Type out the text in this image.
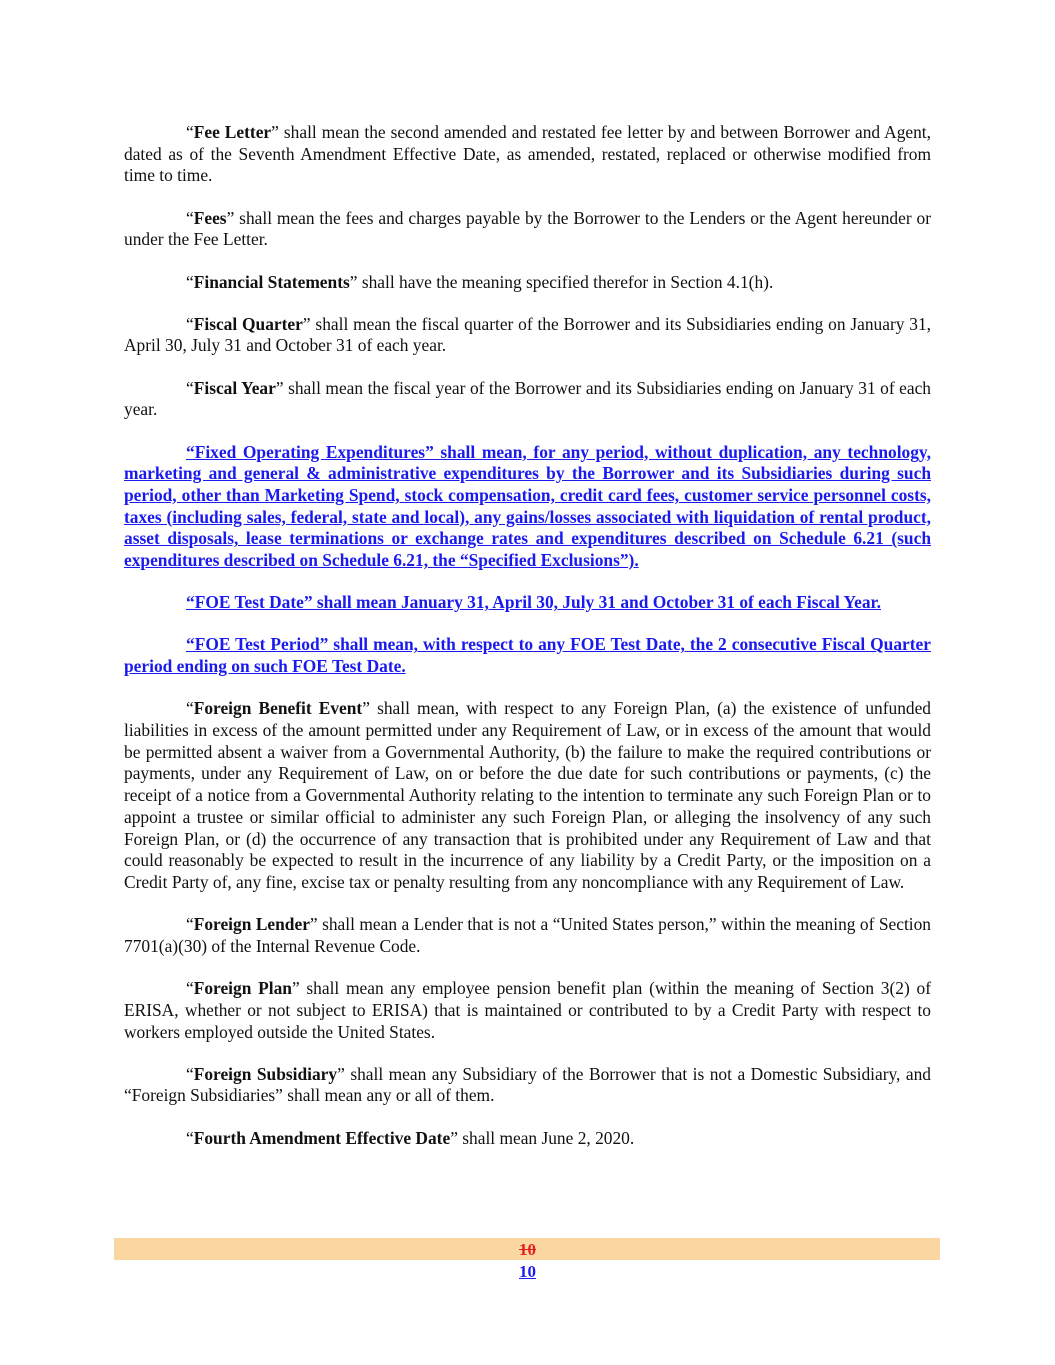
“Fee Letter” shall mean the second amended and restated fee letter by and between Borrower and Agent, dated as of the Seventh Amendment Effective Date, as amended, restated, replaced or otherwise modified from time to time.

“Fees” shall mean the fees and charges payable by the Borrower to the Lenders or the Agent hereunder or under the Fee Letter.

“Financial Statements” shall have the meaning specified therefor in Section 4.1(h).

“Fiscal Quarter” shall mean the fiscal quarter of the Borrower and its Subsidiaries ending on January 31, April 30, July 31 and October 31 of each year.

“Fiscal Year” shall mean the fiscal year of the Borrower and its Subsidiaries ending on January 31 of each year.

“Fixed Operating Expenditures” shall mean, for any period, without duplication, any technology, marketing and general & administrative expenditures by the Borrower and its Subsidiaries during such period, other than Marketing Spend, stock compensation, credit card fees, customer service personnel costs, taxes (including sales, federal, state and local), any gains/losses associated with liquidation of rental product, asset disposals, lease terminations or exchange rates and expenditures described on Schedule 6.21 (such expenditures described on Schedule 6.21, the “Specified Exclusions”).

“FOE Test Date” shall mean January 31, April 30, July 31 and October 31 of each Fiscal Year.

“FOE Test Period” shall mean, with respect to any FOE Test Date, the 2 consecutive Fiscal Quarter period ending on such FOE Test Date.

“Foreign Benefit Event” shall mean, with respect to any Foreign Plan, (a) the existence of unfunded liabilities in excess of the amount permitted under any Requirement of Law, or in excess of the amount that would be permitted absent a waiver from a Governmental Authority, (b) the failure to make the required contributions or payments, under any Requirement of Law, on or before the due date for such contributions or payments, (c) the receipt of a notice from a Governmental Authority relating to the intention to terminate any such Foreign Plan or to appoint a trustee or similar official to administer any such Foreign Plan, or alleging the insolvency of any such Foreign Plan, or (d) the occurrence of any transaction that is prohibited under any Requirement of Law and that could reasonably be expected to result in the incurrence of any liability by a Credit Party, or the imposition on a Credit Party of, any fine, excise tax or penalty resulting from any noncompliance with any Requirement of Law.

“Foreign Lender” shall mean a Lender that is not a “United States person,” within the meaning of Section 7701(a)(30) of the Internal Revenue Code.

“Foreign Plan” shall mean any employee pension benefit plan (within the meaning of Section 3(2) of ERISA, whether or not subject to ERISA) that is maintained or contributed to by a Credit Party with respect to workers employed outside the United States.

“Foreign Subsidiary” shall mean any Subsidiary of the Borrower that is not a Domestic Subsidiary, and “Foreign Subsidiaries” shall mean any or all of them.

“Fourth Amendment Effective Date” shall mean June 2, 2020.

10
10
